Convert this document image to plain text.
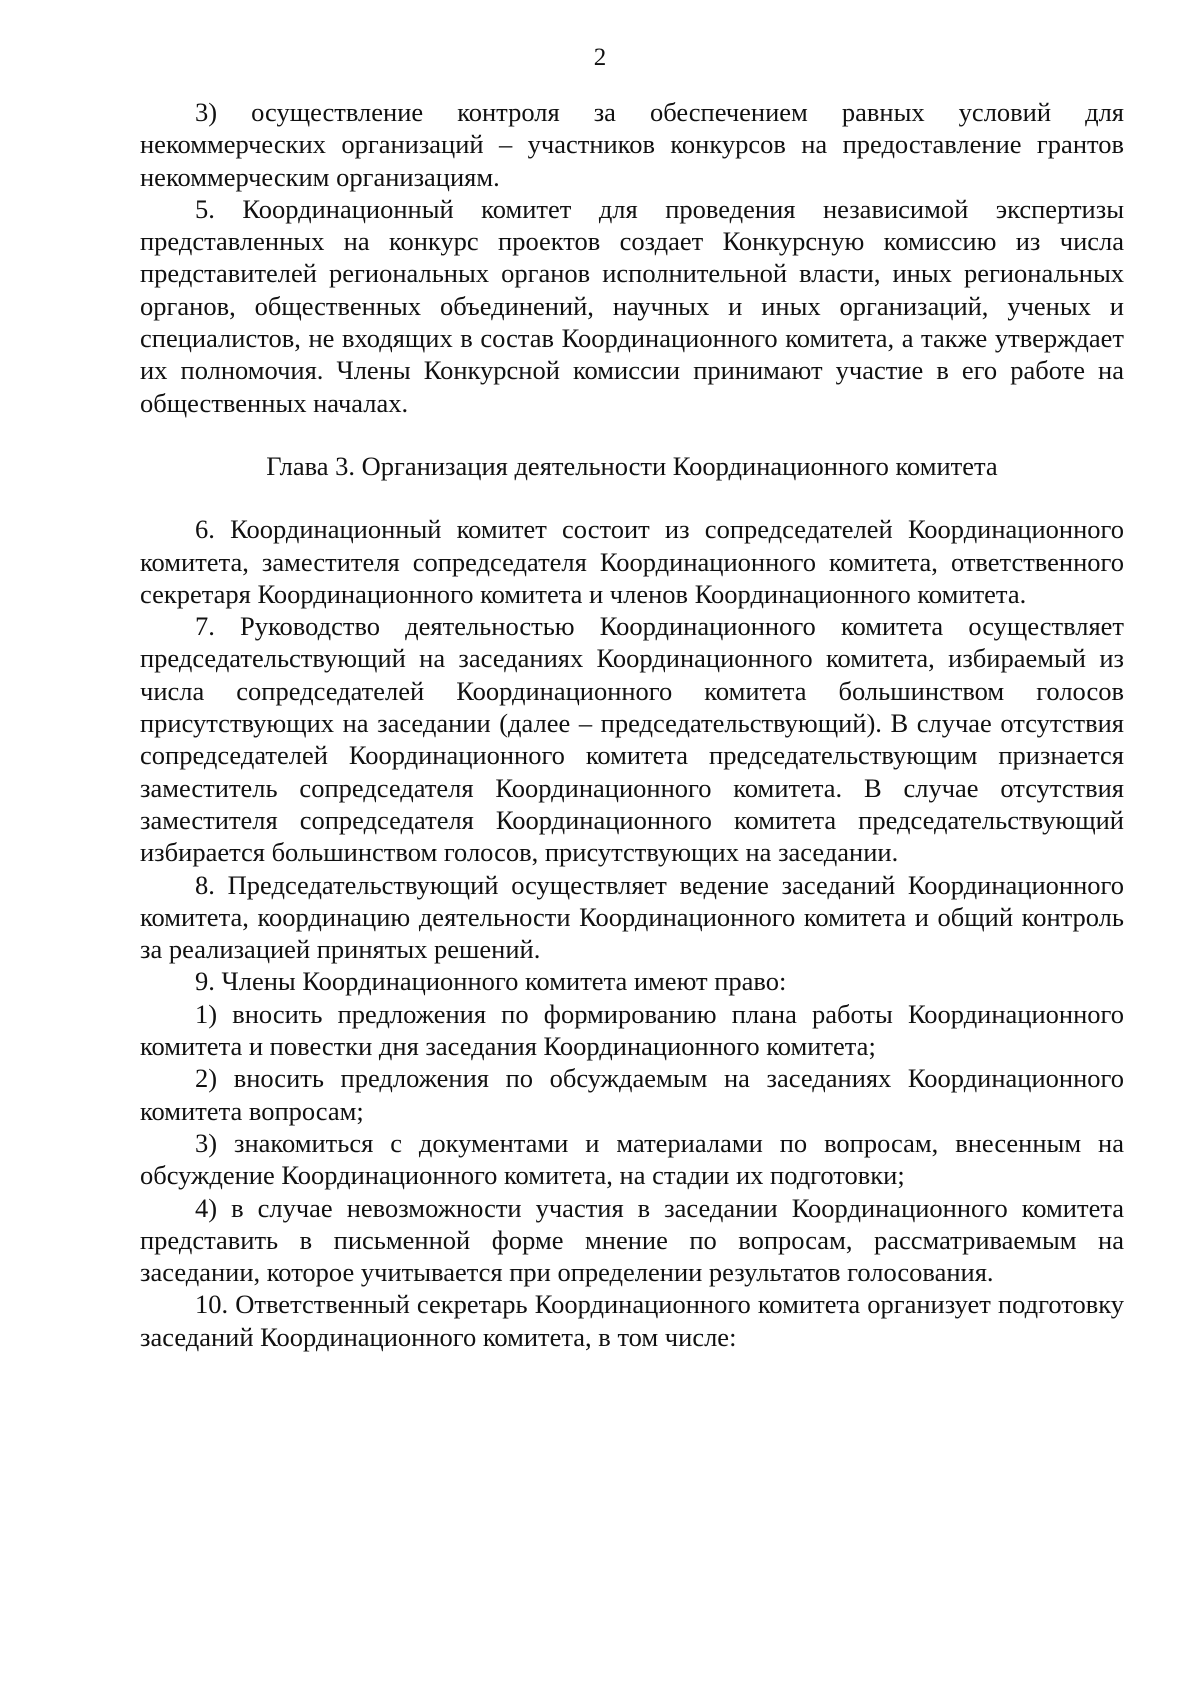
2

3) осуществление контроля за обеспечением равных условий для некоммерческих организаций – участников конкурсов на предоставление грантов некоммерческим организациям.

5. Координационный комитет для проведения независимой экспертизы представленных на конкурс проектов создает Конкурсную комиссию из числа представителей региональных органов исполнительной власти, иных региональных органов, общественных объединений, научных и иных организаций, ученых и специалистов, не входящих в состав Координационного комитета, а также утверждает их полномочия. Члены Конкурсной комиссии принимают участие в его работе на общественных началах.

Глава 3. Организация деятельности Координационного комитета

6. Координационный комитет состоит из сопредседателей Координационного комитета, заместителя сопредседателя Координационного комитета, ответственного секретаря Координационного комитета и членов Координационного комитета.

7. Руководство деятельностью Координационного комитета осуществляет председательствующий на заседаниях Координационного комитета, избираемый из числа сопредседателей Координационного комитета большинством голосов присутствующих на заседании (далее – председательствующий). В случае отсутствия сопредседателей Координационного комитета председательствующим признается заместитель сопредседателя Координационного комитета. В случае отсутствия заместителя сопредседателя Координационного комитета председательствующий избирается большинством голосов, присутствующих на заседании.

8. Председательствующий осуществляет ведение заседаний Координационного комитета, координацию деятельности Координационного комитета и общий контроль за реализацией принятых решений.

9. Члены Координационного комитета имеют право:

1) вносить предложения по формированию плана работы Координационного комитета и повестки дня заседания Координационного комитета;

2) вносить предложения по обсуждаемым на заседаниях Координационного комитета вопросам;

3) знакомиться с документами и материалами по вопросам, внесенным на обсуждение Координационного комитета, на стадии их подготовки;

4) в случае невозможности участия в заседании Координационного комитета представить в письменной форме мнение по вопросам, рассматриваемым на заседании, которое учитывается при определении результатов голосования.

10. Ответственный секретарь Координационного комитета организует подготовку заседаний Координационного комитета, в том числе:
